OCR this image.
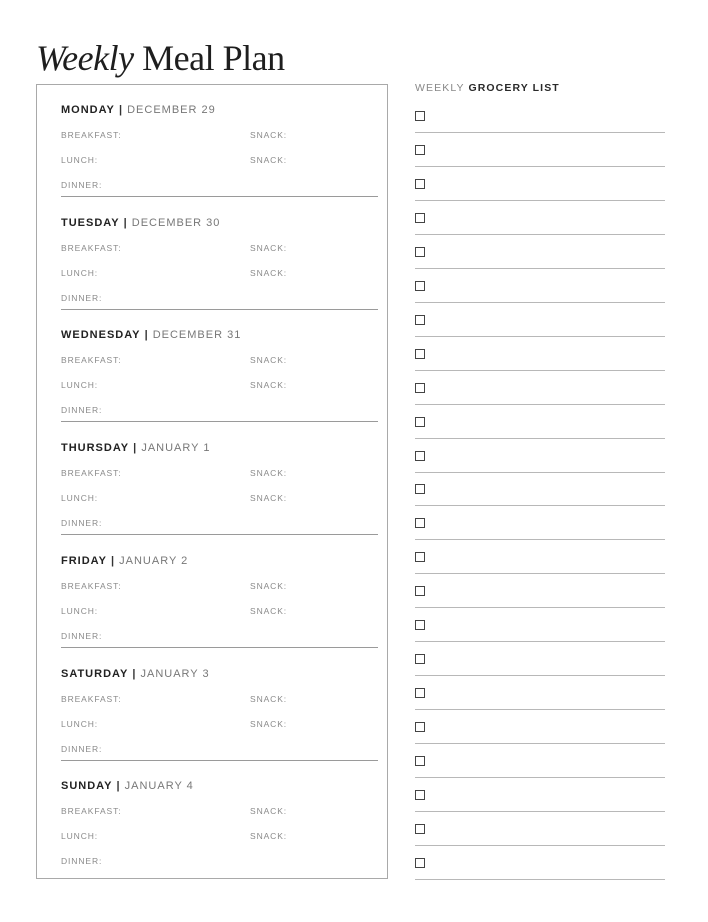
Weekly Meal Plan
MONDAY | DECEMBER 29
BREAKFAST:	SNACK:
LUNCH:	SNACK:
DINNER:
TUESDAY | DECEMBER 30
BREAKFAST:	SNACK:
LUNCH:	SNACK:
DINNER:
WEDNESDAY | DECEMBER 31
BREAKFAST:	SNACK:
LUNCH:	SNACK:
DINNER:
THURSDAY | JANUARY 1
BREAKFAST:	SNACK:
LUNCH:	SNACK:
DINNER:
FRIDAY | JANUARY 2
BREAKFAST:	SNACK:
LUNCH:	SNACK:
DINNER:
SATURDAY | JANUARY 3
BREAKFAST:	SNACK:
LUNCH:	SNACK:
DINNER:
SUNDAY | JANUARY 4
BREAKFAST:	SNACK:
LUNCH:	SNACK:
DINNER:
WEEKLY GROCERY LIST
